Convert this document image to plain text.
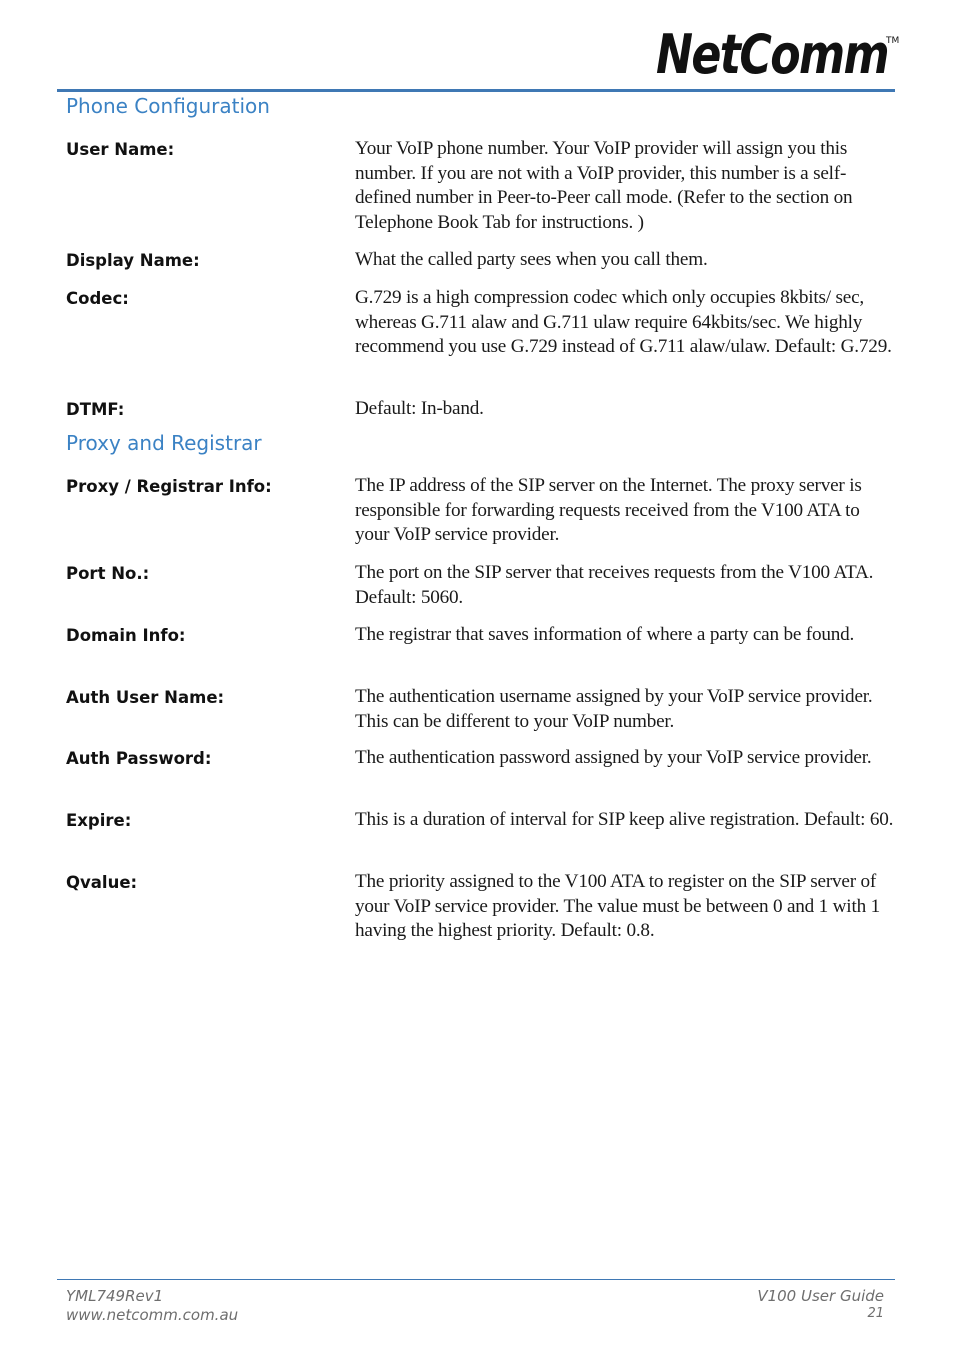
NetComm
TM
Phone Configuration
User Name:	Your VoIP phone number. Your VoIP provider will assign you this number. If you are not with a VoIP provider, this number is a self-defined number in Peer-to-Peer call mode. (Refer to the section on Telephone Book Tab for instructions. )
Display Name:	What the called party sees when you call them.
Codec:	G.729 is a high compression codec which only occupies 8kbits/ sec, whereas G.711 alaw and G.711 ulaw require 64kbits/sec. We highly recommend you use G.729 instead of G.711 alaw/ulaw. Default: G.729.
DTMF:	Default: In-band.
Proxy and Registrar
Proxy / Registrar Info:	The IP address of the SIP server on the Internet. The proxy server is responsible for forwarding requests received from the V100 ATA to your VoIP service provider.
Port No.:	The port on the SIP server that receives requests from the V100 ATA. Default: 5060.
Domain Info:	The registrar that saves information of where a party can be found.
Auth User Name:	The authentication username assigned by your VoIP service provider. This can be different to your VoIP number.
Auth Password:	The authentication password assigned by your VoIP service provider.
Expire:	This is a duration of interval for SIP keep alive registration. Default: 60.
Qvalue:	The priority assigned to the V100 ATA to register on the SIP server of your VoIP service provider. The value must be between 0 and 1 with 1 having the highest priority. Default: 0.8.
YML749Rev1
www.netcomm.com.au
V100 User Guide
21
